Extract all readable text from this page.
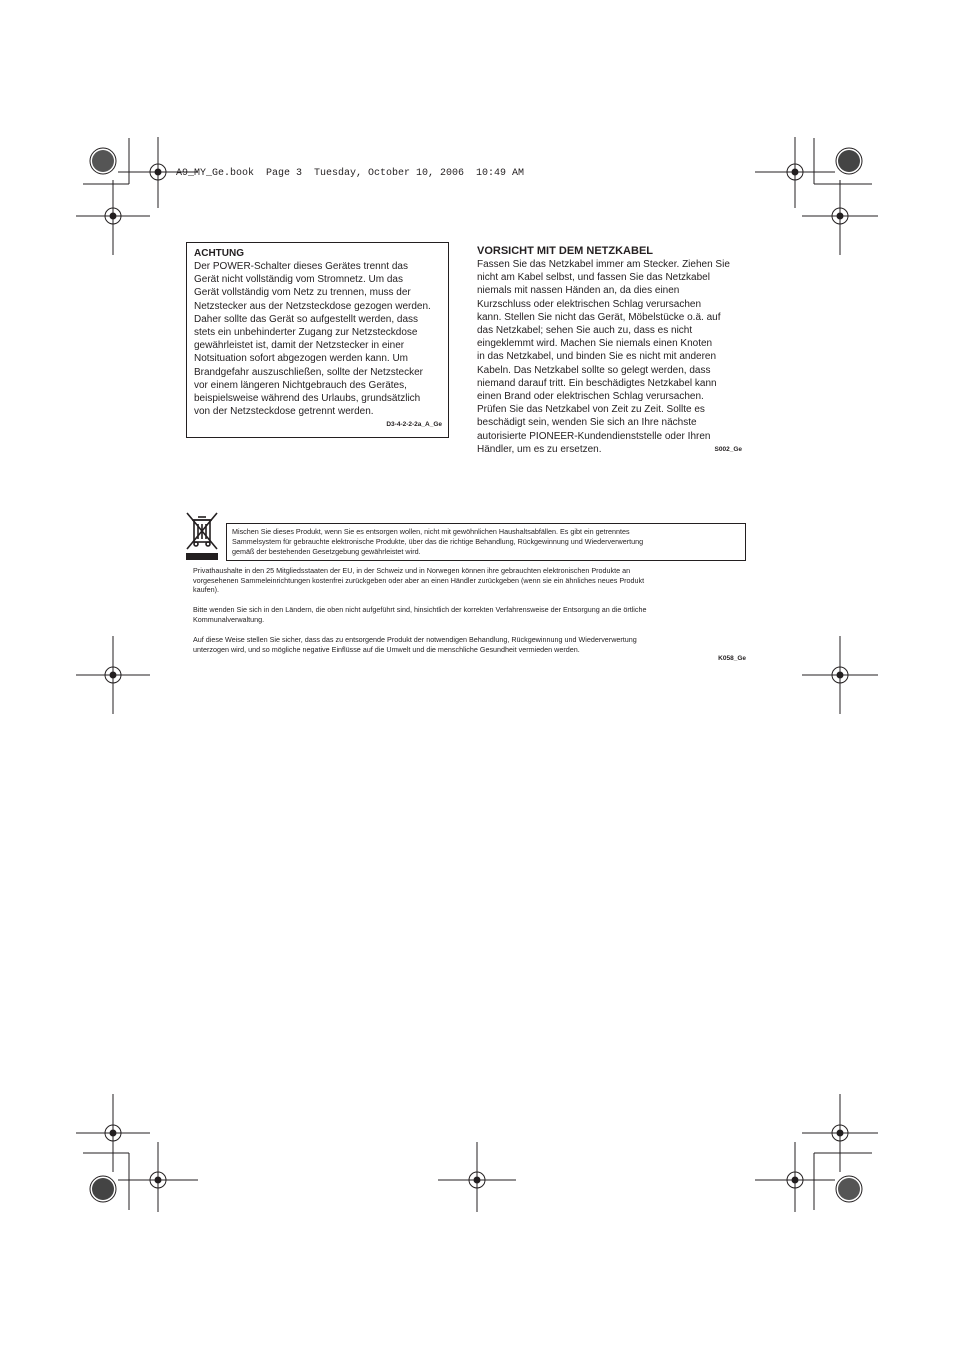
A9_MY_Ge.book  Page 3  Tuesday, October 10, 2006  10:49 AM
ACHTUNG
Der POWER-Schalter dieses Gerätes trennt das
Gerät nicht vollständig vom Stromnetz. Um das
Gerät vollständig vom Netz zu trennen, muss der
Netzstecker aus der Netzsteckdose gezogen werden.
Daher sollte das Gerät so aufgestellt werden, dass
stets ein unbehinderter Zugang zur Netzsteckdose
gewährleistet ist, damit der Netzstecker in einer
Notsituation sofort abgezogen werden kann. Um
Brandgefahr auszuschließen, sollte der Netzstecker
vor einem längeren Nichtgebrauch des Gerätes,
beispielsweise während des Urlaubs, grundsätzlich
von der Netzsteckdose getrennt werden.
D3-4-2-2-2a_A_Ge
VORSICHT MIT DEM NETZKABEL
Fassen Sie das Netzkabel immer am Stecker. Ziehen Sie
nicht am Kabel selbst, und fassen Sie das Netzkabel
niemals mit nassen Händen an, da dies einen
Kurzschluss oder elektrischen Schlag verursachen
kann. Stellen Sie nicht das Gerät, Möbelstücke o.ä. auf
das Netzkabel; sehen Sie auch zu, dass es nicht
eingeklemmt wird. Machen Sie niemals einen Knoten
in das Netzkabel, und binden Sie es nicht mit anderen
Kabeln. Das Netzkabel sollte so gelegt werden, dass
niemand darauf tritt. Ein beschädigtes Netzkabel kann
einen Brand oder elektrischen Schlag verursachen.
Prüfen Sie das Netzkabel von Zeit zu Zeit. Sollte es
beschädigt sein, wenden Sie sich an Ihre nächste
autorisierte PIONEER-Kundendienststelle oder Ihren
Händler, um es zu ersetzen.	S002_Ge
Mischen Sie dieses Produkt, wenn Sie es entsorgen wollen, nicht mit gewöhnlichen Haushaltsabfällen. Es gibt ein getrenntes
Sammelsystem für gebrauchte elektronische Produkte, über das die richtige Behandlung, Rückgewinnung und Wiederverwertung
gemäß der bestehenden Gesetzgebung gewährleistet wird.
Privathaushalte in den 25 Mitgliedsstaaten der EU, in der Schweiz und in Norwegen können ihre gebrauchten elektronischen Produkte an
vorgesehenen Sammeleinrichtungen kostenfrei zurückgeben oder aber an einen Händler zurückgeben (wenn sie ein ähnliches neues Produkt
kaufen).
Bitte wenden Sie sich in den Ländern, die oben nicht aufgeführt sind, hinsichtlich der korrekten Verfahrensweise der Entsorgung an die örtliche
Kommunalverwaltung.
Auf diese Weise stellen Sie sicher, dass das zu entsorgende Produkt der notwendigen Behandlung, Rückgewinnung und Wiederverwertung
unterzogen wird, und so mögliche negative Einflüsse auf die Umwelt und die menschliche Gesundheit vermieden werden.
K058_Ge
